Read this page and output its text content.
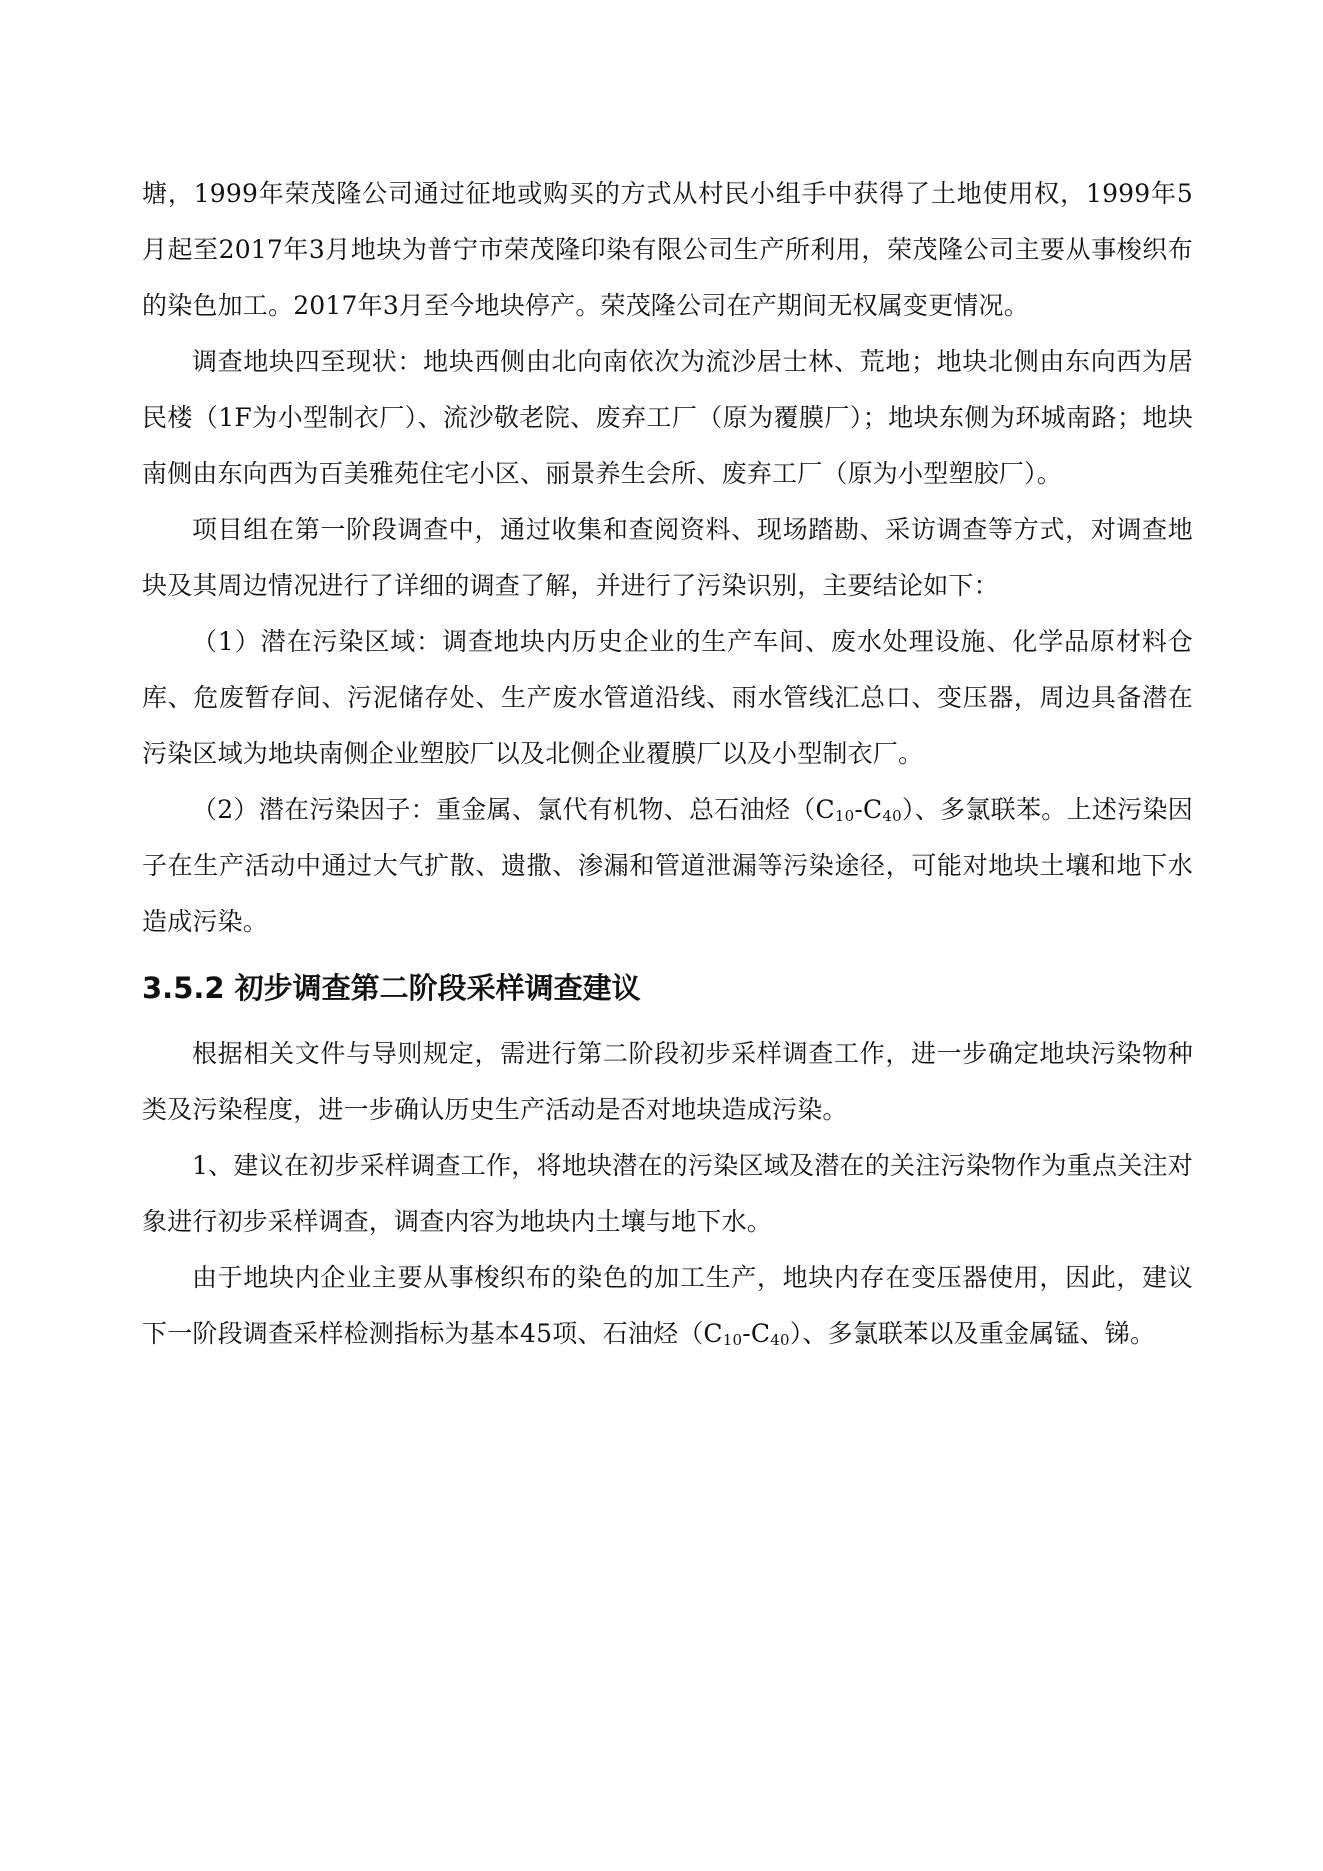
塘，1999年荣茂隆公司通过征地或购买的方式从村民小组手中获得了土地使用权，1999年5月起至2017年3月地块为普宁市荣茂隆印染有限公司生产所利用，荣茂隆公司主要从事梭织布的染色加工。2017年3月至今地块停产。荣茂隆公司在产期间无权属变更情况。

调查地块四至现状：地块西侧由北向南依次为流沙居士林、荒地；地块北侧由东向西为居民楼（1F为小型制衣厂）、流沙敬老院、废弃工厂（原为覆膜厂）；地块东侧为环城南路；地块南侧由东向西为百美雅苑住宅小区、丽景养生会所、废弃工厂（原为小型塑胶厂）。

项目组在第一阶段调查中，通过收集和查阅资料、现场踏勘、采访调查等方式，对调查地块及其周边情况进行了详细的调查了解，并进行了污染识别，主要结论如下：

（1）潜在污染区域：调查地块内历史企业的生产车间、废水处理设施、化学品原材料仓库、危废暂存间、污泥储存处、生产废水管道沿线、雨水管线汇总口、变压器，周边具备潜在污染区域为地块南侧企业塑胶厂以及北侧企业覆膜厂以及小型制衣厂。

（2）潜在污染因子：重金属、氯代有机物、总石油烃$(C_{10}-C_{40})$、多氯联苯。上述污染因子在生产活动中通过大气扩散、遗撒、渗漏和管道泄漏等污染途径，可能对地块土壤和地下水造成污染。

3.5.2 初步调查第二阶段采样调查建议

根据相关文件与导则规定，需进行第二阶段初步采样调查工作，进一步确定地块污染物种类及污染程度，进一步确认历史生产活动是否对地块造成污染。

1、建议在初步采样调查工作，将地块潜在的污染区域及潜在的关注污染物作为重点关注对象进行初步采样调查，调查内容为地块内土壤与地下水。

由于地块内企业主要从事梭织布的染色的加工生产，地块内存在变压器使用，因此，建议下一阶段调查采样检测指标为基本45项、石油烃$(C_{10}-C_{40})$、多氯联苯以及重金属锰、锑。
